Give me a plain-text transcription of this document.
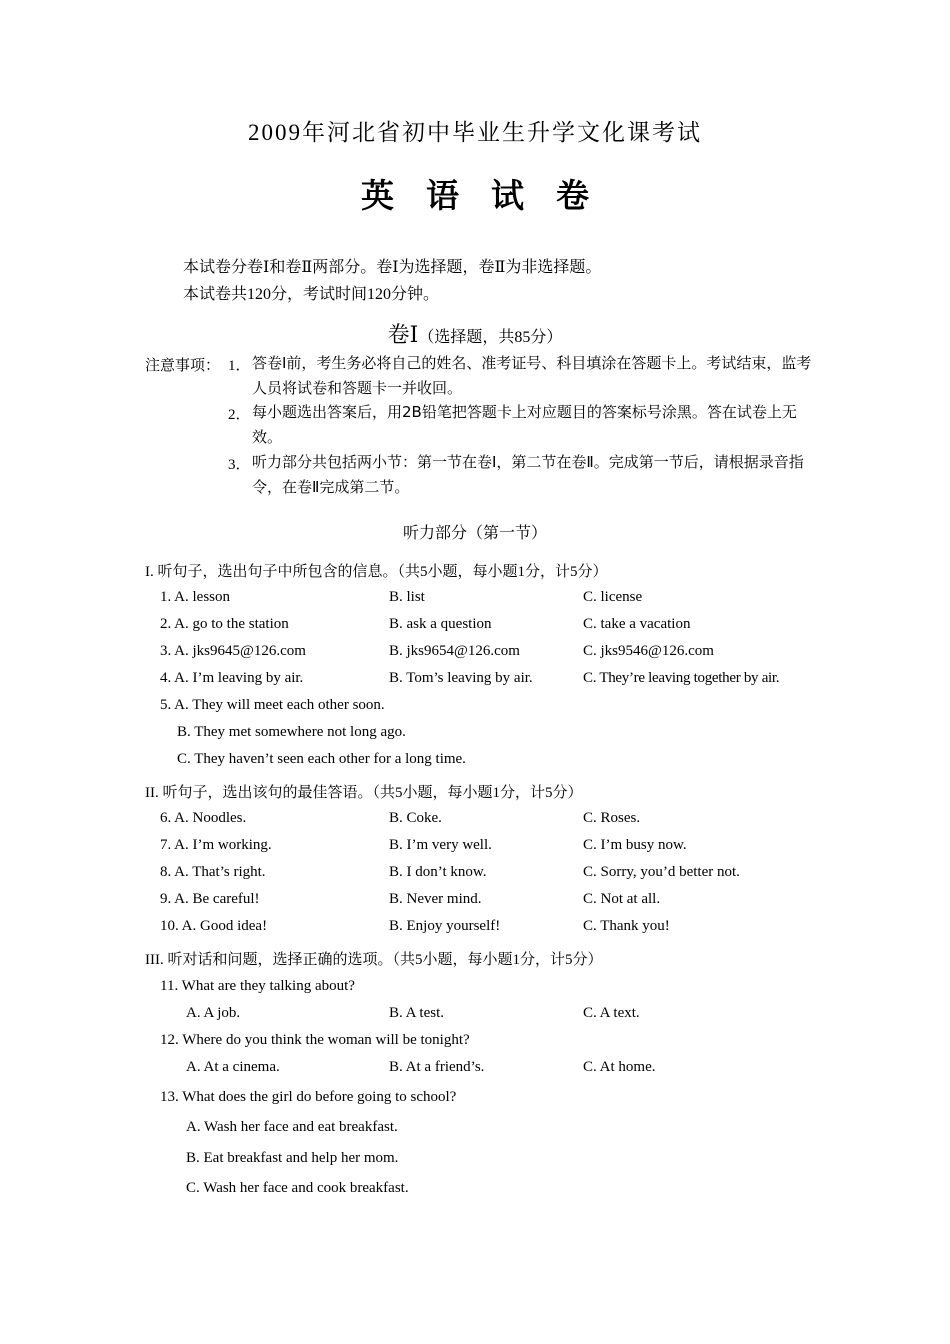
2009年河北省初中毕业生升学文化课考试
英语试卷
本试卷分卷Ⅰ和卷Ⅱ两部分。卷Ⅰ为选择题，卷Ⅱ为非选择题。
本试卷共120分，考试时间120分钟。
卷Ⅰ（选择题，共85分）
注意事项： 1． 答卷Ⅰ前，考生务必将自己的姓名、准考证号、科目填涂在答题卡上。考试结束，监考人员将试卷和答题卡一并收回。
2． 每小题选出答案后，用2B铅笔把答题卡上对应题目的答案标号涂黑。答在试卷上无效。
3． 听力部分共包括两小节：第一节在卷Ⅰ，第二节在卷Ⅱ。完成第一节后，请根据录音指令，在卷Ⅱ完成第二节。
听力部分（第一节）
I. 听句子，选出句子中所包含的信息。（共5小题，每小题1分，计5分）
1. A. lesson	B. list	C. license
2. A. go to the station	B. ask a question	C. take a vacation
3. A. jks9645@126.com	B. jks9654@126.com	C. jks9546@126.com
4. A. I’m leaving by air.	B. Tom’s leaving by air.	C. They’re leaving together by air.
5. A. They will meet each other soon.
B. They met somewhere not long ago.
C. They haven’t seen each other for a long time.
II. 听句子，选出该句的最佳答语。（共5小题，每小题1分，计5分）
6. A. Noodles.	B. Coke.	C. Roses.
7. A. I’m working.	B. I’m very well.	C. I’m busy now.
8. A. That’s right.	B. I don’t know.	C. Sorry, you’d better not.
9. A. Be careful!	B. Never mind.	C. Not at all.
10. A. Good idea!	B. Enjoy yourself!	C. Thank you!
III. 听对话和问题，选择正确的选项。（共5小题，每小题1分，计5分）
11. What are they talking about?
A. A job.	B. A test.	C. A text.
12. Where do you think the woman will be tonight?
A. At a cinema.	B. At a friend’s.	C. At home.
13. What does the girl do before going to school?
A. Wash her face and eat breakfast.
B. Eat breakfast and help her mom.
C. Wash her face and cook breakfast.
